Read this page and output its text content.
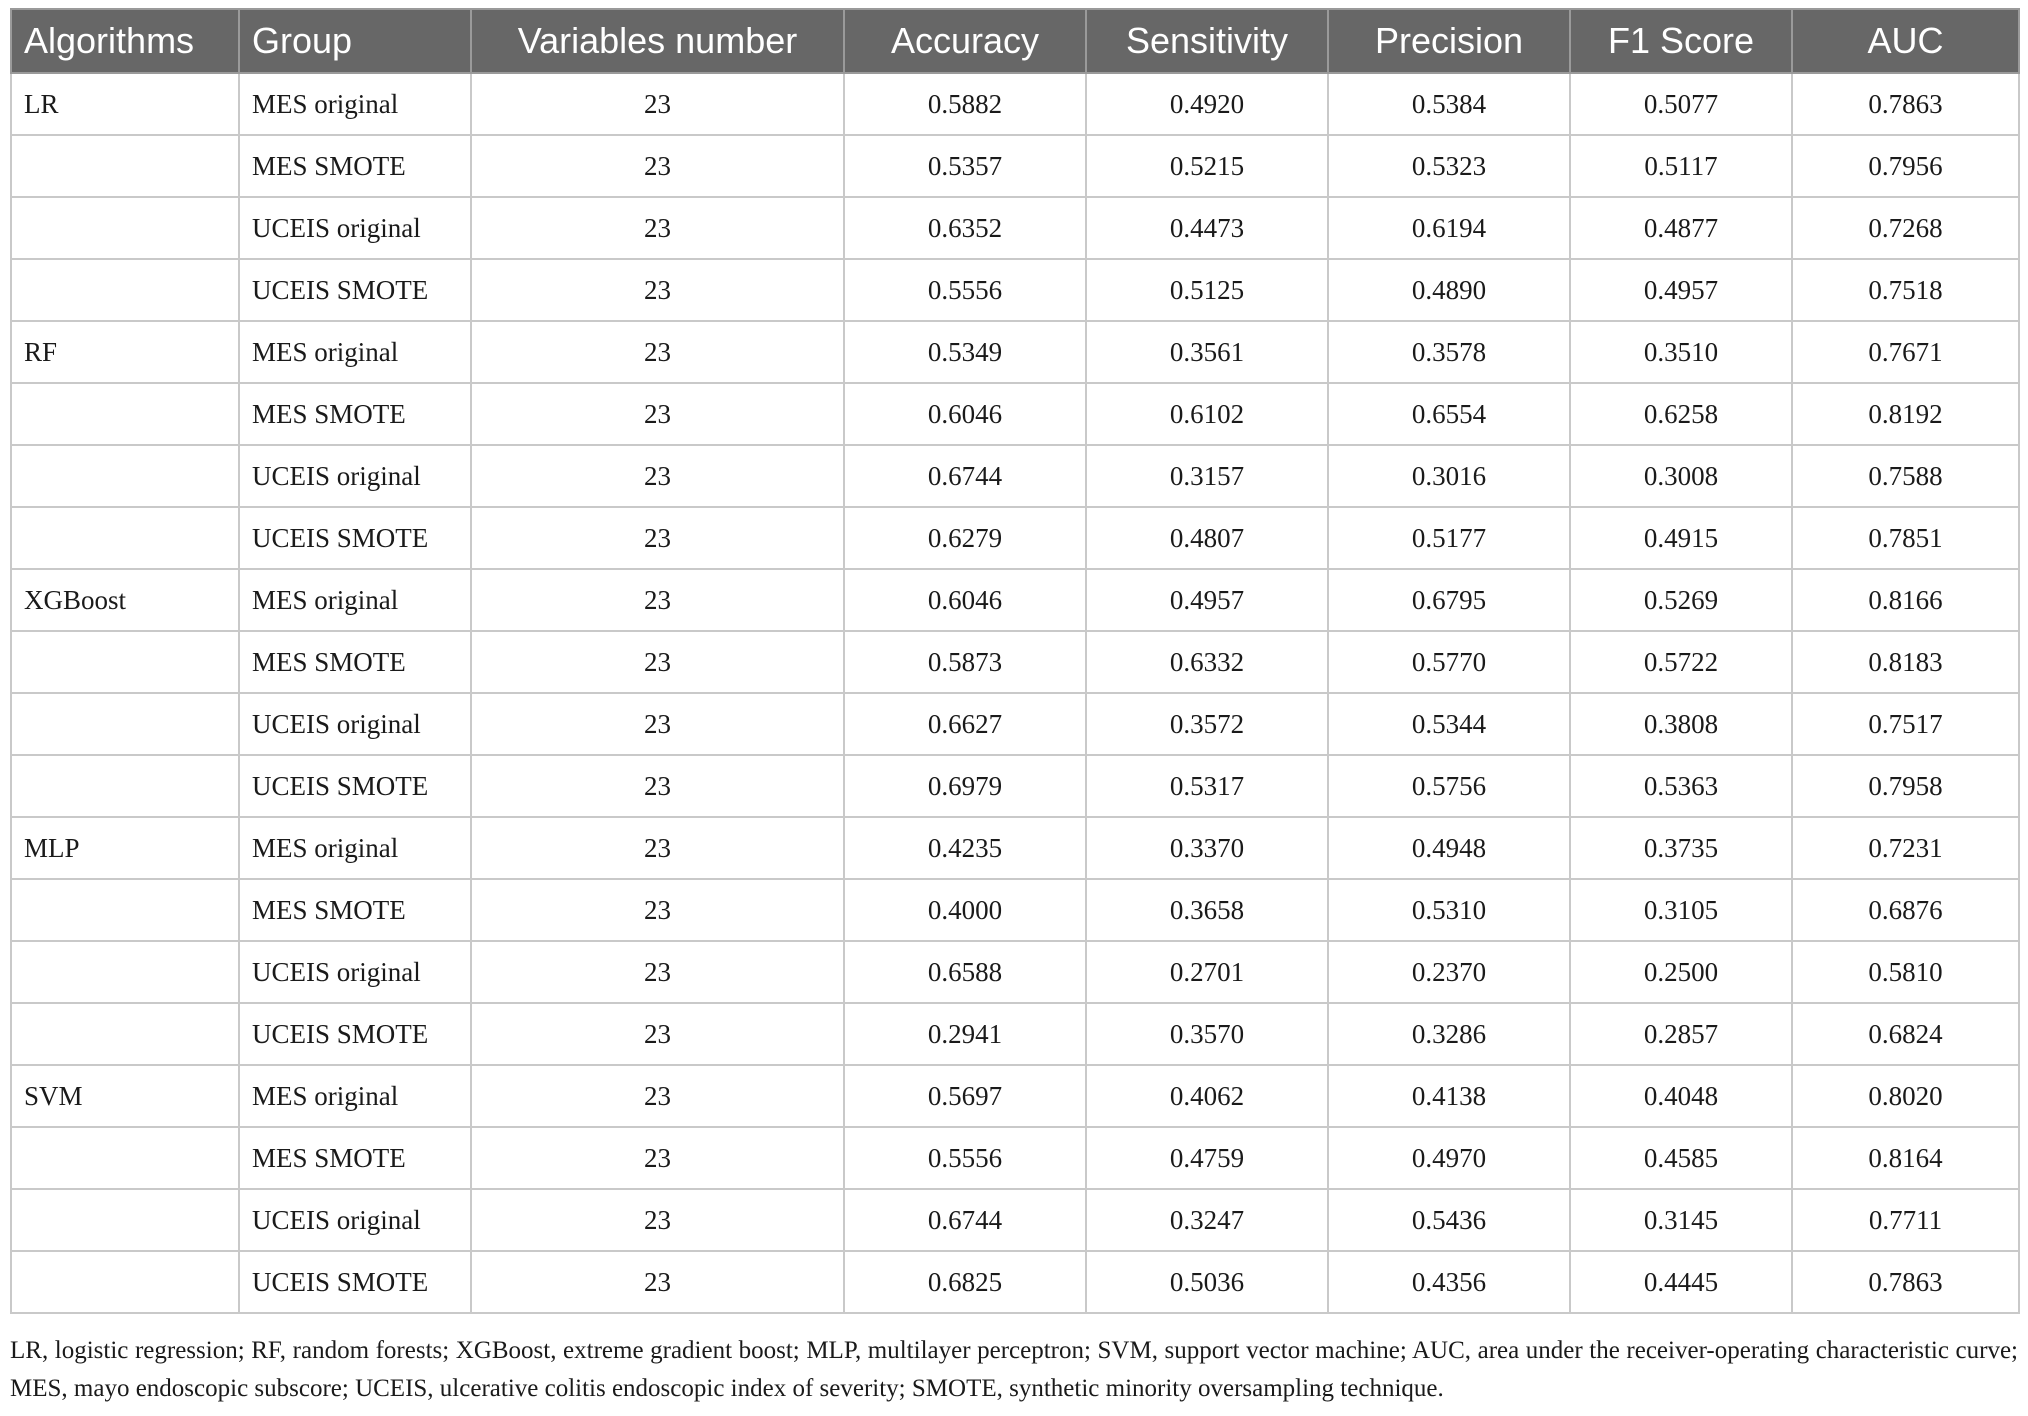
Algorithms	Group	Variables number	Accuracy	Sensitivity	Precision	F1 Score	AUC
LR	MES original	23	0.5882	0.4920	0.5384	0.5077	0.7863
	MES SMOTE	23	0.5357	0.5215	0.5323	0.5117	0.7956
	UCEIS original	23	0.6352	0.4473	0.6194	0.4877	0.7268
	UCEIS SMOTE	23	0.5556	0.5125	0.4890	0.4957	0.7518
RF	MES original	23	0.5349	0.3561	0.3578	0.3510	0.7671
	MES SMOTE	23	0.6046	0.6102	0.6554	0.6258	0.8192
	UCEIS original	23	0.6744	0.3157	0.3016	0.3008	0.7588
	UCEIS SMOTE	23	0.6279	0.4807	0.5177	0.4915	0.7851
XGBoost	MES original	23	0.6046	0.4957	0.6795	0.5269	0.8166
	MES SMOTE	23	0.5873	0.6332	0.5770	0.5722	0.8183
	UCEIS original	23	0.6627	0.3572	0.5344	0.3808	0.7517
	UCEIS SMOTE	23	0.6979	0.5317	0.5756	0.5363	0.7958
MLP	MES original	23	0.4235	0.3370	0.4948	0.3735	0.7231
	MES SMOTE	23	0.4000	0.3658	0.5310	0.3105	0.6876
	UCEIS original	23	0.6588	0.2701	0.2370	0.2500	0.5810
	UCEIS SMOTE	23	0.2941	0.3570	0.3286	0.2857	0.6824
SVM	MES original	23	0.5697	0.4062	0.4138	0.4048	0.8020
	MES SMOTE	23	0.5556	0.4759	0.4970	0.4585	0.8164
	UCEIS original	23	0.6744	0.3247	0.5436	0.3145	0.7711
	UCEIS SMOTE	23	0.6825	0.5036	0.4356	0.4445	0.7863
LR, logistic regression; RF, random forests; XGBoost, extreme gradient boost; MLP, multilayer perceptron; SVM, support vector machine; AUC, area under the receiver-operating characteristic curve; MES, mayo endoscopic subscore; UCEIS, ulcerative colitis endoscopic index of severity; SMOTE, synthetic minority oversampling technique.
